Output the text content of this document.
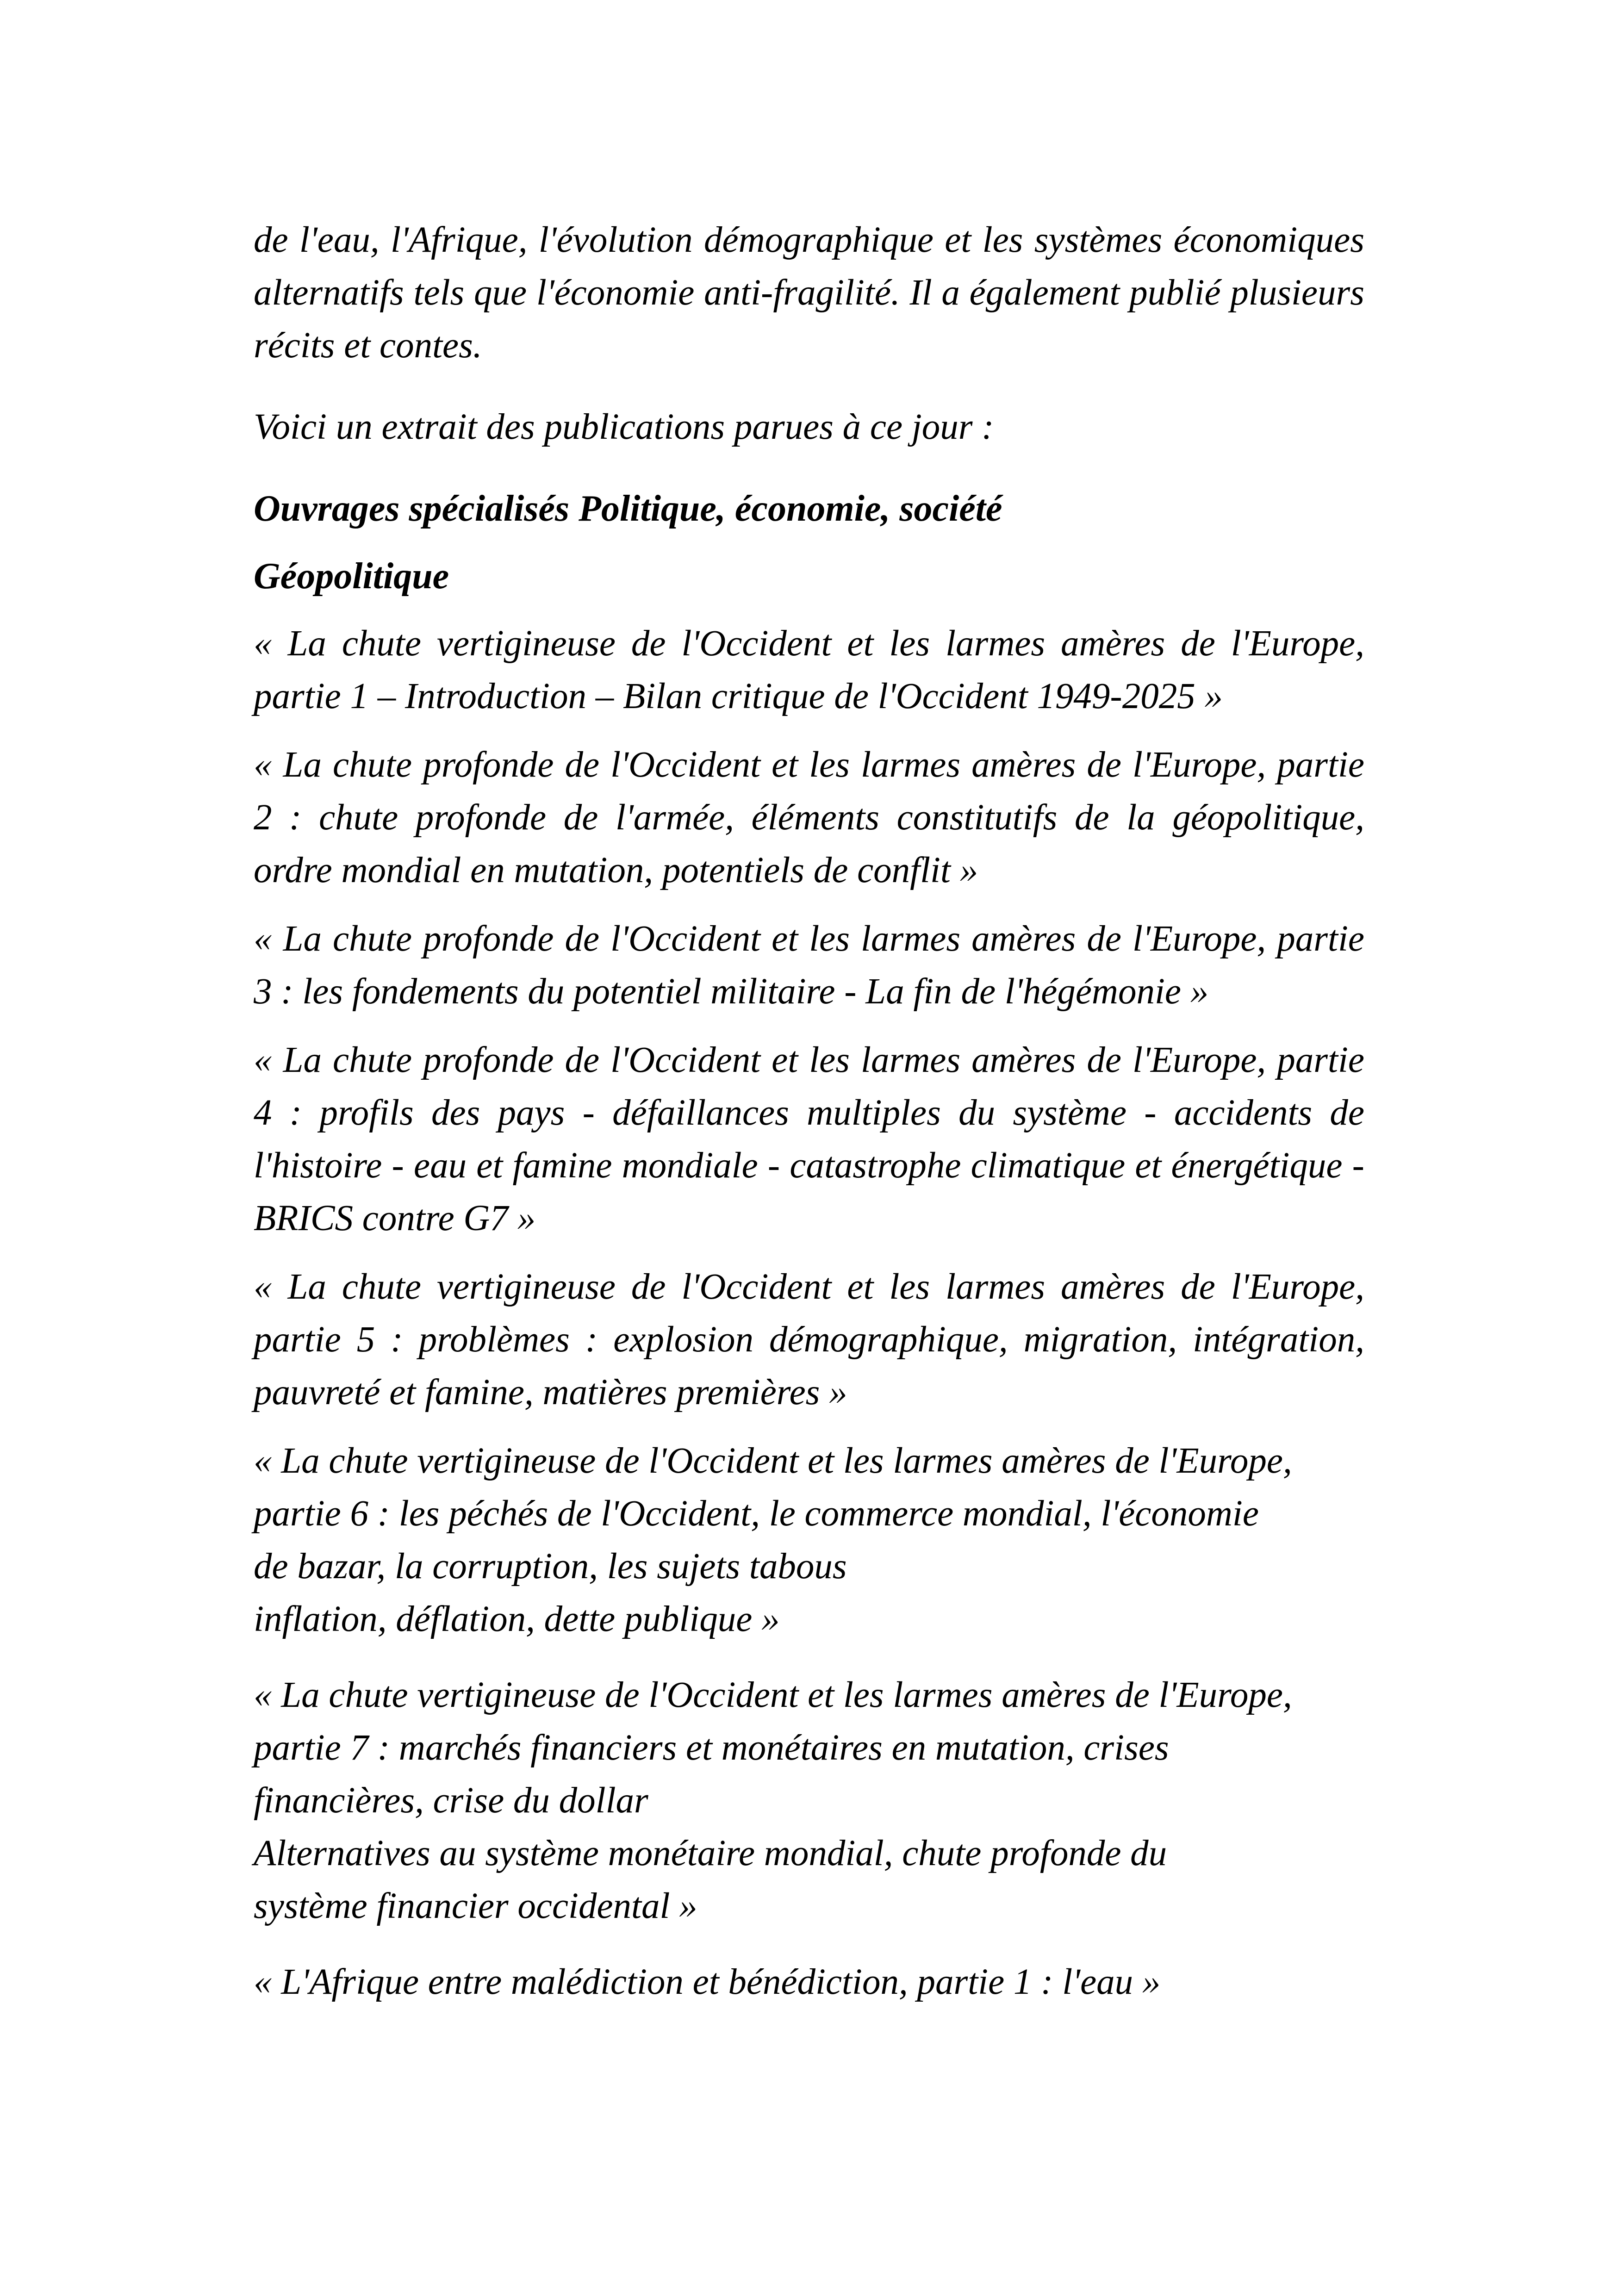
de l'eau, l'Afrique, l'évolution démographique et les systèmes économiques alternatifs tels que l'économie anti-fragilité. Il a également publié plusieurs récits et contes.

Voici un extrait des publications parues à ce jour :

Ouvrages spécialisés Politique, économie, société

Géopolitique

« La chute vertigineuse de l'Occident et les larmes amères de l'Europe, partie 1 – Introduction – Bilan critique de l'Occident 1949-2025 »

« La chute profonde de l'Occident et les larmes amères de l'Europe, partie 2 : chute profonde de l'armée, éléments constitutifs de la géopolitique, ordre mondial en mutation, potentiels de conflit »

« La chute profonde de l'Occident et les larmes amères de l'Europe, partie 3 : les fondements du potentiel militaire - La fin de l'hégémonie »

« La chute profonde de l'Occident et les larmes amères de l'Europe, partie 4 : profils des pays - défaillances multiples du système - accidents de l'histoire - eau et famine mondiale - catastrophe climatique et énergétique - BRICS contre G7 »

« La chute vertigineuse de l'Occident et les larmes amères de l'Europe, partie 5 : problèmes : explosion démographique, migration, intégration, pauvreté et famine, matières premières »

« La chute vertigineuse de l'Occident et les larmes amères de l'Europe,
partie 6 : les péchés de l'Occident, le commerce mondial, l'économie
de bazar, la corruption, les sujets tabous
inflation, déflation, dette publique »

« La chute vertigineuse de l'Occident et les larmes amères de l'Europe,
partie 7 : marchés financiers et monétaires en mutation, crises
financières, crise du dollar
Alternatives au système monétaire mondial, chute profonde du
système financier occidental »

« L'Afrique entre malédiction et bénédiction, partie 1 : l'eau »
